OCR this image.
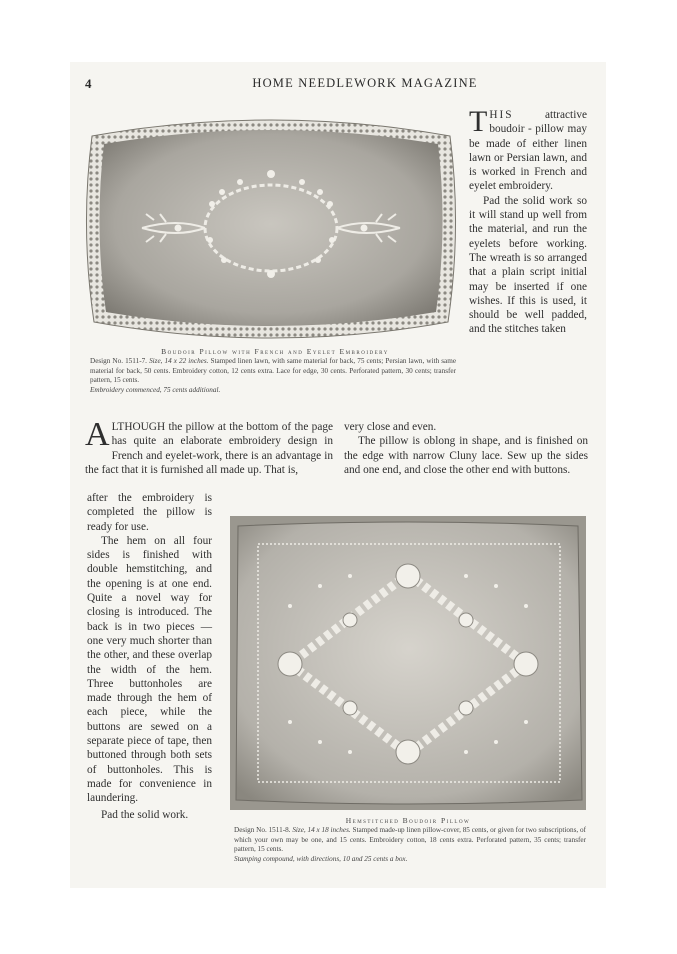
4	HOME NEEDLEWORK MAGAZINE
Boudoir Pillow with French and Eyelet Embroidery
Design No. 1511-7. Size, 14 x 22 inches. Stamped linen lawn, with same material for back, 75 cents; Persian lawn, with same material for back, 50 cents. Embroidery cotton, 12 cents extra. Lace for edge, 30 cents. Perforated pattern, 30 cents; transfer pattern, 15 cents.
Embroidery commenced, 75 cents additional.

THIS	attractive boudoir - pillow may be made of either linen lawn or Persian lawn, and is worked in French and eyelet embroidery.

Pad the solid work so it will stand up well from the material, and run the eyelets before working. The wreath is so arranged that a plain script initial may be inserted if one wishes. If this is used, it should be well padded, and the stitches taken

ALTHOUGH the pillow at the bottom of the page has quite an elaborate embroidery design in French and eyelet-work, there is an advantage in the fact that it is furnished all made up. That is,

very close and even.

The pillow is oblong in shape, and is finished on the edge with narrow Cluny lace. Sew up the sides and one end, and close the other end with buttons.

after the embroidery is completed the pillow is ready for use.

The hem on all four sides is finished with double hemstitching, and the opening is at one end. Quite a novel way for closing is introduced. The back is in two pieces — one very much shorter than the other, and these overlap the width of the hem. Three buttonholes are made through the hem of each piece, while the buttons are sewed on a separate piece of tape, then buttoned through both sets of buttonholes. This is made for convenience in laundering.

Pad the solid work.	Hemstitched Boudoir Pillow
Design No. 1511-8. Size, 14 x 18 inches. Stamped made-up linen pillow-cover, 85 cents, or given for two subscriptions, of which your own may be one, and 15 cents. Embroidery cotton, 18 cents extra. Perforated pattern, 35 cents; transfer pattern, 15 cents.
Stamping compound, with directions, 10 and 25 cents a box.
